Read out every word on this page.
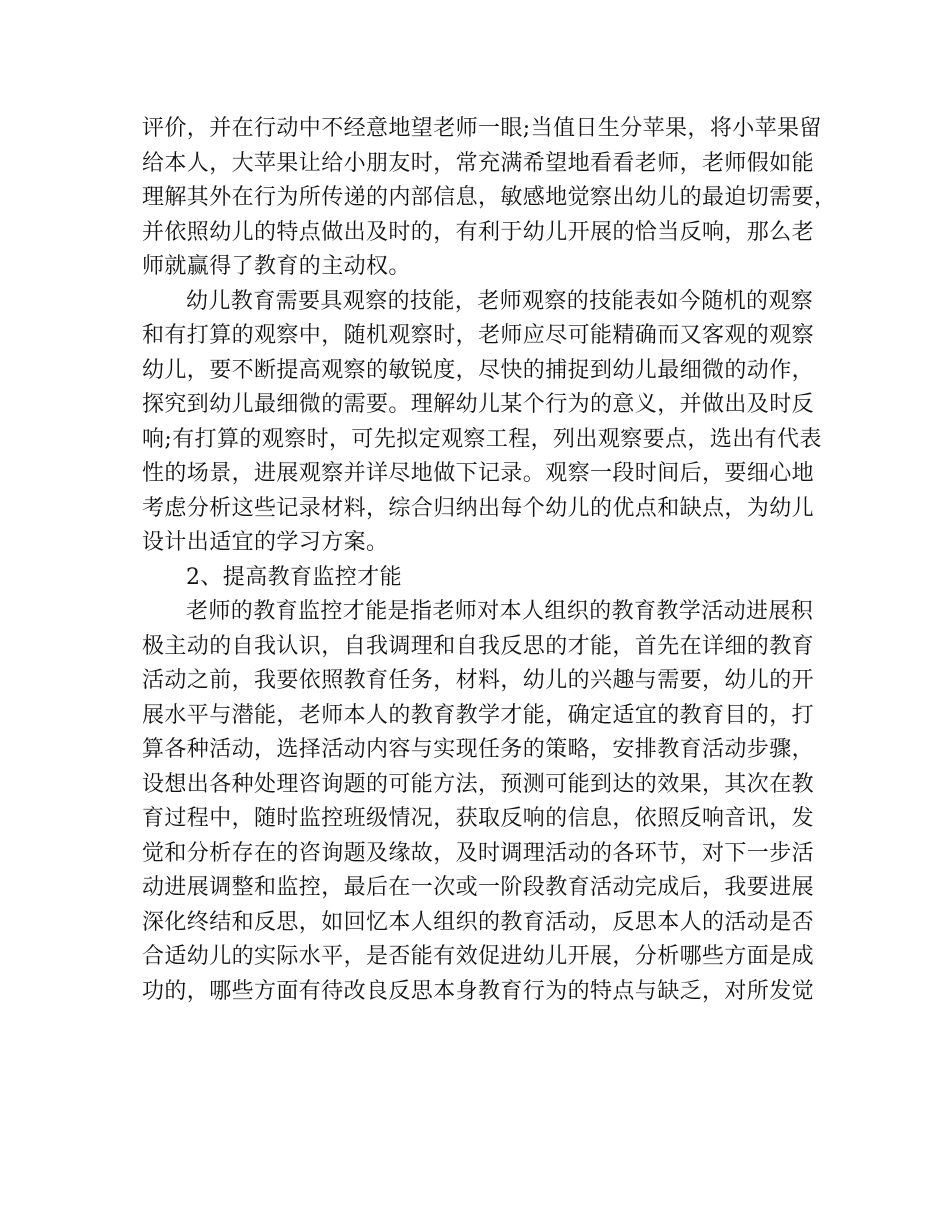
评价，并在行动中不经意地望老师一眼;当值日生分苹果，将小苹果留
给本人，大苹果让给小朋友时，常充满希望地看看老师，老师假如能
理解其外在行为所传递的内部信息，敏感地觉察出幼儿的最迫切需要，
并依照幼儿的特点做出及时的，有利于幼儿开展的恰当反响，那么老
师就赢得了教育的主动权。
幼儿教育需要具观察的技能，老师观察的技能表如今随机的观察
和有打算的观察中，随机观察时，老师应尽可能精确而又客观的观察
幼儿，要不断提高观察的敏锐度，尽快的捕捉到幼儿最细微的动作，
探究到幼儿最细微的需要。理解幼儿某个行为的意义，并做出及时反
响;有打算的观察时，可先拟定观察工程，列出观察要点，选出有代表
性的场景，进展观察并详尽地做下记录。观察一段时间后，要细心地
考虑分析这些记录材料，综合归纳出每个幼儿的优点和缺点，为幼儿
设计出适宜的学习方案。
2、提高教育监控才能
老师的教育监控才能是指老师对本人组织的教育教学活动进展积
极主动的自我认识，自我调理和自我反思的才能，首先在详细的教育
活动之前，我要依照教育任务，材料，幼儿的兴趣与需要，幼儿的开
展水平与潜能，老师本人的教育教学才能，确定适宜的教育目的，打
算各种活动，选择活动内容与实现任务的策略，安排教育活动步骤，
设想出各种处理咨询题的可能方法，预测可能到达的效果，其次在教
育过程中，随时监控班级情况，获取反响的信息，依照反响音讯，发
觉和分析存在的咨询题及缘故，及时调理活动的各环节，对下一步活
动进展调整和监控，最后在一次或一阶段教育活动完成后，我要进展
深化终结和反思，如回忆本人组织的教育活动，反思本人的活动是否
合适幼儿的实际水平，是否能有效促进幼儿开展，分析哪些方面是成
功的，哪些方面有待改良反思本身教育行为的特点与缺乏，对所发觉
